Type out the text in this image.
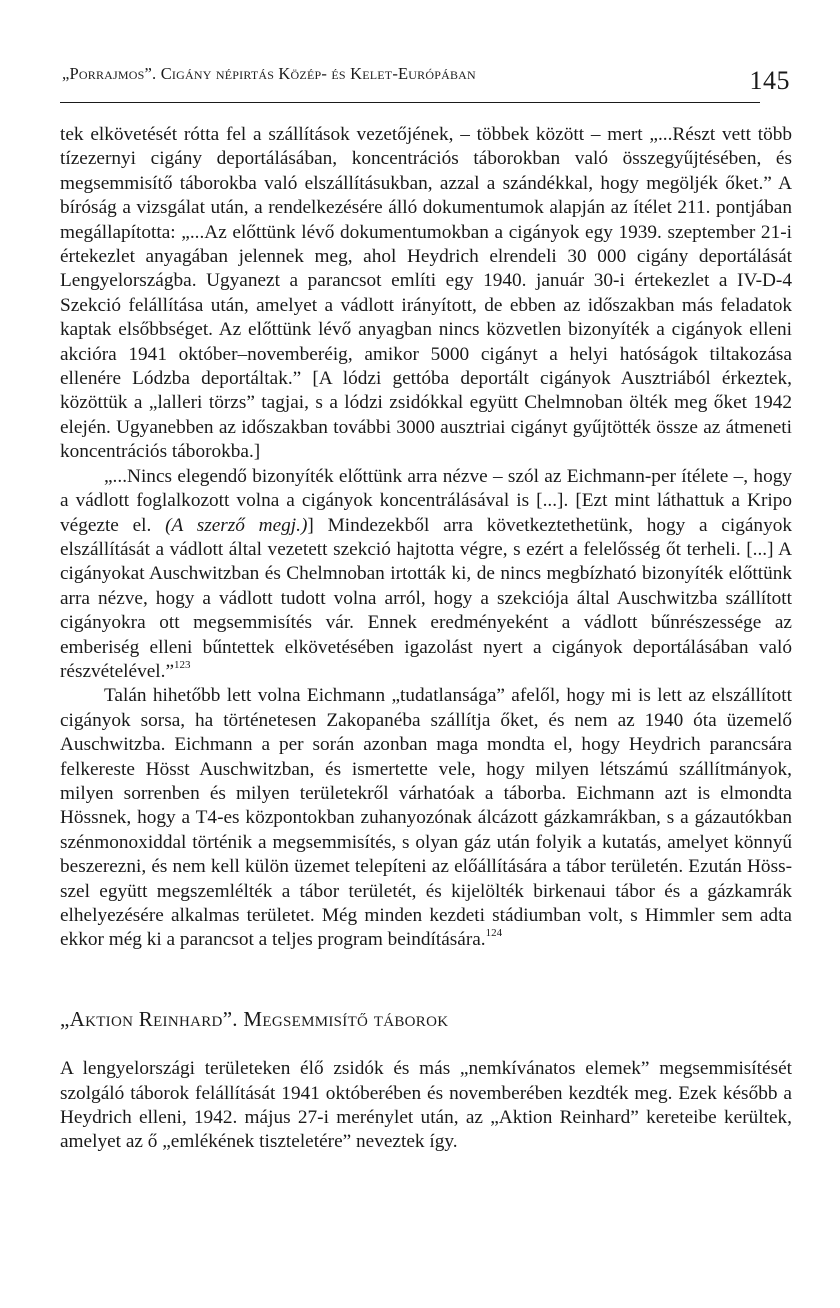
„Porrajmos”. Cigány népirtás Közép- és Kelet-Európában	145

tek elkövetését rótta fel a szállítások vezetőjének, – többek között – mert „...Részt vett több tízezernyi cigány deportálásában, koncentrációs táborokban való összegyűjtésében, és megsemmisítő táborokba való elszállításukban, azzal a szándékkal, hogy megöljék őket.” A bíróság a vizsgálat után, a rendelkezésére álló dokumentumok alapján az ítélet 211. pontjában megállapította: „...Az előttünk lévő dokumentumokban a cigányok egy 1939. szeptember 21-i értekezlet anyagában jelennek meg, ahol Heydrich elrendeli 30 000 cigány deportálását Lengyelországba. Ugyanezt a parancsot említi egy 1940. január 30-i értekezlet a IV-D-4 Szekció felállítása után, amelyet a vádlott irányított, de ebben az időszakban más feladatok kaptak elsőbbséget. Az előttünk lévő anyagban nincs közvetlen bizonyíték a cigányok elleni akcióra 1941 október–novemberéig, amikor 5000 cigányt a helyi hatóságok tiltakozása ellenére Lódzba deportáltak.” [A lódzi gettóba deportált cigányok Ausztriából érkeztek, közöttük a „lalleri törzs” tagjai, s a lódzi zsidókkal együtt Chelmnoban ölték meg őket 1942 elején. Ugyanebben az időszakban további 3000 ausztriai cigányt gyűjtötték össze az átmeneti koncentrációs táborokba.]

„...Nincs elegendő bizonyíték előttünk arra nézve – szól az Eichmann-per ítélete –, hogy a vádlott foglalkozott volna a cigányok koncentrálásával is [...]. [Ezt mint láthattuk a Kripo végezte el. (A szerző megj.)] Mindezekből arra következtethetünk, hogy a cigányok elszállítását a vádlott által vezetett szekció hajtotta végre, s ezért a felelősség őt terheli. [...] A cigányokat Auschwitzban és Chelmnoban irtották ki, de nincs megbízható bizonyíték előttünk arra nézve, hogy a vádlott tudott volna arról, hogy a szekciója által Auschwitzba szállított cigányokra ott megsemmisítés vár. Ennek eredményeként a vádlott bűnrészessége az emberiség elleni bűntettek elkövetésében igazolást nyert a cigányok deportálásában való részvételével.”$^{123}$

Talán hihetőbb lett volna Eichmann „tudatlansága” afelől, hogy mi is lett az elszállított cigányok sorsa, ha történetesen Zakopanéba szállítja őket, és nem az 1940 óta üzemelő Auschwitzba. Eichmann a per során azonban maga mondta el, hogy Heydrich parancsára felkereste Hösst Auschwitzban, és ismertette vele, hogy milyen létszámú szállítmányok, milyen sorrenben és milyen területekről várhatóak a táborba. Eichmann azt is elmondta Hössnek, hogy a T4-es központokban zuhanyozónak álcázott gázkamrákban, s a gázautókban szénmonoxiddal történik a megsemmisítés, s olyan gáz után folyik a kutatás, amelyet könnyű beszerezni, és nem kell külön üzemet telepíteni az előállítására a tábor területén. Ezután Höss-szel együtt megszemlélték a tábor területét, és kijelölték birkenaui tábor és a gázkamrák elhelyezésére alkalmas területet. Még minden kezdeti stádiumban volt, s Himmler sem adta ekkor még ki a parancsot a teljes program beindítására.$^{124}$

„Aktion Reinhard”. Megsemmisítő táborok

A lengyelországi területeken élő zsidók és más „nemkívánatos elemek” megsemmisítését szolgáló táborok felállítását 1941 októberében és novemberében kezdték meg. Ezek később a Heydrich elleni, 1942. május 27-i merénylet után, az „Aktion Reinhard” kereteibe kerültek, amelyet az ő „emlékének tiszteletére” neveztek így.
